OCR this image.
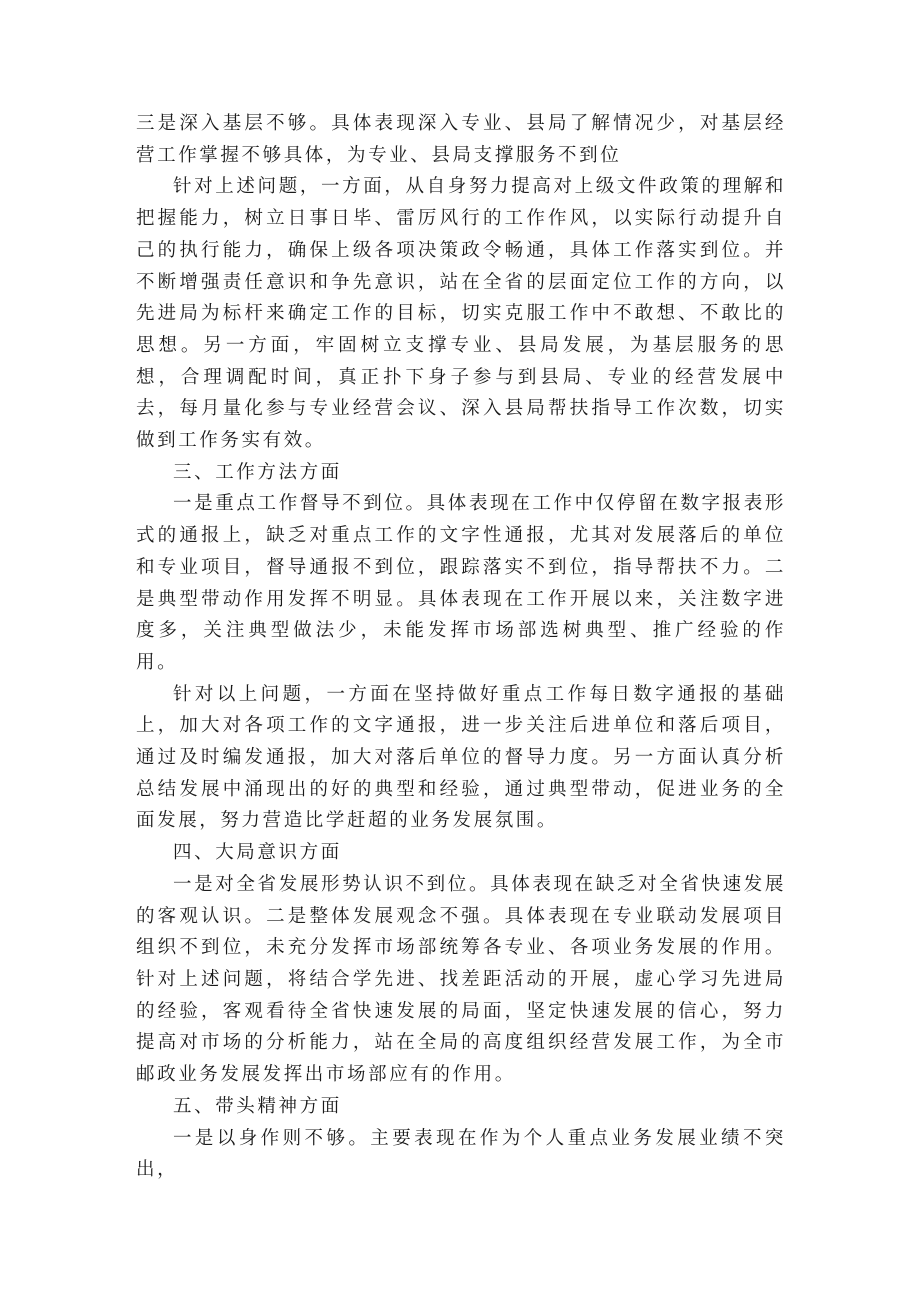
三是深入基层不够。具体表现深入专业、县局了解情况少，对基层经营工作掌握不够具体，为专业、县局支撑服务不到位

针对上述问题，一方面，从自身努力提高对上级文件政策的理解和把握能力，树立日事日毕、雷厉风行的工作作风，以实际行动提升自己的执行能力，确保上级各项决策政令畅通，具体工作落实到位。并不断增强责任意识和争先意识，站在全省的层面定位工作的方向，以先进局为标杆来确定工作的目标，切实克服工作中不敢想、不敢比的思想。另一方面，牢固树立支撑专业、县局发展，为基层服务的思想，合理调配时间，真正扑下身子参与到县局、专业的经营发展中去，每月量化参与专业经营会议、深入县局帮扶指导工作次数，切实做到工作务实有效。

三、工作方法方面

一是重点工作督导不到位。具体表现在工作中仅停留在数字报表形式的通报上，缺乏对重点工作的文字性通报，尤其对发展落后的单位和专业项目，督导通报不到位，跟踪落实不到位，指导帮扶不力。二是典型带动作用发挥不明显。具体表现在工作开展以来，关注数字进度多，关注典型做法少，未能发挥市场部选树典型、推广经验的作用。

针对以上问题，一方面在坚持做好重点工作每日数字通报的基础上，加大对各项工作的文字通报，进一步关注后进单位和落后项目，通过及时编发通报，加大对落后单位的督导力度。另一方面认真分析总结发展中涌现出的好的典型和经验，通过典型带动，促进业务的全面发展，努力营造比学赶超的业务发展氛围。

四、大局意识方面

一是对全省发展形势认识不到位。具体表现在缺乏对全省快速发展的客观认识。二是整体发展观念不强。具体表现在专业联动发展项目组织不到位，未充分发挥市场部统筹各专业、各项业务发展的作用。针对上述问题，将结合学先进、找差距活动的开展，虚心学习先进局的经验，客观看待全省快速发展的局面，坚定快速发展的信心，努力提高对市场的分析能力，站在全局的高度组织经营发展工作，为全市邮政业务发展发挥出市场部应有的作用。

五、带头精神方面

一是以身作则不够。主要表现在作为个人重点业务发展业绩不突出，
